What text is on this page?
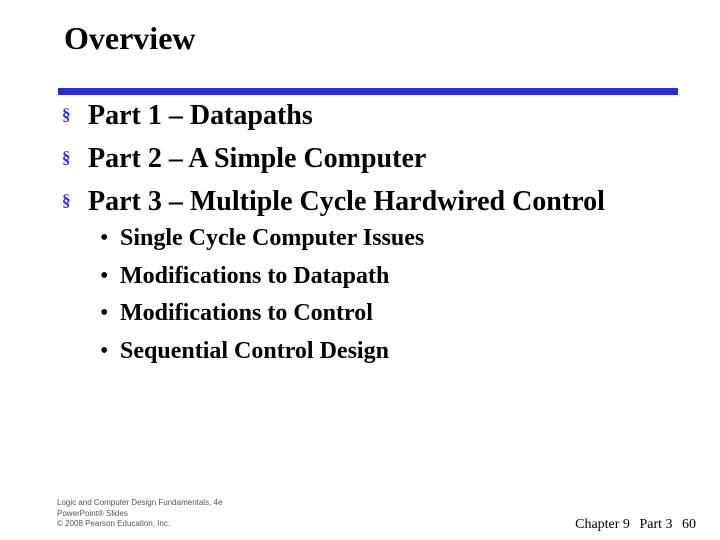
Overview
§ Part 1 – Datapaths
§ Part 2 – A Simple Computer
§ Part 3 – Multiple Cycle Hardwired Control
• Single Cycle Computer Issues
• Modifications to Datapath
• Modifications to Control
• Sequential Control Design
Logic and Computer Design Fundamentals, 4e
PowerPoint® Slides
© 2008 Pearson Education, Inc.	Chapter 9 Part 3 60
